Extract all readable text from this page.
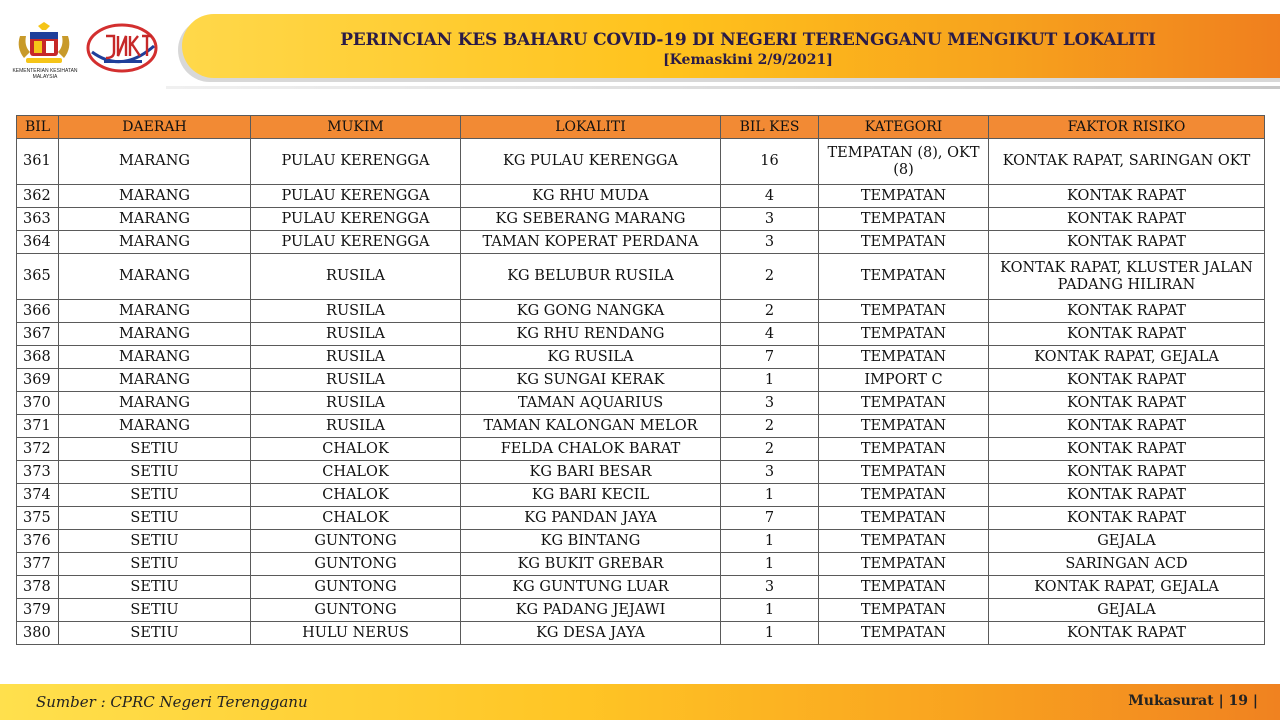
KEMENTERIAN KESIHATAN MALAYSIA
PERINCIAN KES BAHARU COVID-19 DI NEGERI TERENGGANU MENGIKUT LOKALITI
[Kemaskini 2/9/2021]
BIL	DAERAH	MUKIM	LOKALITI	BIL KES	KATEGORI	FAKTOR RISIKO
361	MARANG	PULAU KERENGGA	KG PULAU KERENGGA	16	TEMPATAN (8), OKT (8)	KONTAK RAPAT, SARINGAN OKT
362	MARANG	PULAU KERENGGA	KG RHU MUDA	4	TEMPATAN	KONTAK RAPAT
363	MARANG	PULAU KERENGGA	KG SEBERANG MARANG	3	TEMPATAN	KONTAK RAPAT
364	MARANG	PULAU KERENGGA	TAMAN KOPERAT PERDANA	3	TEMPATAN	KONTAK RAPAT
365	MARANG	RUSILA	KG BELUBUR RUSILA	2	TEMPATAN	KONTAK RAPAT, KLUSTER JALAN PADANG HILIRAN
366	MARANG	RUSILA	KG GONG NANGKA	2	TEMPATAN	KONTAK RAPAT
367	MARANG	RUSILA	KG RHU RENDANG	4	TEMPATAN	KONTAK RAPAT
368	MARANG	RUSILA	KG RUSILA	7	TEMPATAN	KONTAK RAPAT, GEJALA
369	MARANG	RUSILA	KG SUNGAI KERAK	1	IMPORT C	KONTAK RAPAT
370	MARANG	RUSILA	TAMAN AQUARIUS	3	TEMPATAN	KONTAK RAPAT
371	MARANG	RUSILA	TAMAN KALONGAN MELOR	2	TEMPATAN	KONTAK RAPAT
372	SETIU	CHALOK	FELDA CHALOK BARAT	2	TEMPATAN	KONTAK RAPAT
373	SETIU	CHALOK	KG BARI BESAR	3	TEMPATAN	KONTAK RAPAT
374	SETIU	CHALOK	KG BARI KECIL	1	TEMPATAN	KONTAK RAPAT
375	SETIU	CHALOK	KG PANDAN JAYA	7	TEMPATAN	KONTAK RAPAT
376	SETIU	GUNTONG	KG BINTANG	1	TEMPATAN	GEJALA
377	SETIU	GUNTONG	KG BUKIT GREBAR	1	TEMPATAN	SARINGAN ACD
378	SETIU	GUNTONG	KG GUNTUNG LUAR	3	TEMPATAN	KONTAK RAPAT, GEJALA
379	SETIU	GUNTONG	KG PADANG JEJAWI	1	TEMPATAN	GEJALA
380	SETIU	HULU NERUS	KG DESA JAYA	1	TEMPATAN	KONTAK RAPAT
Sumber : CPRC Negeri Terengganu	Mukasurat | 19 |
